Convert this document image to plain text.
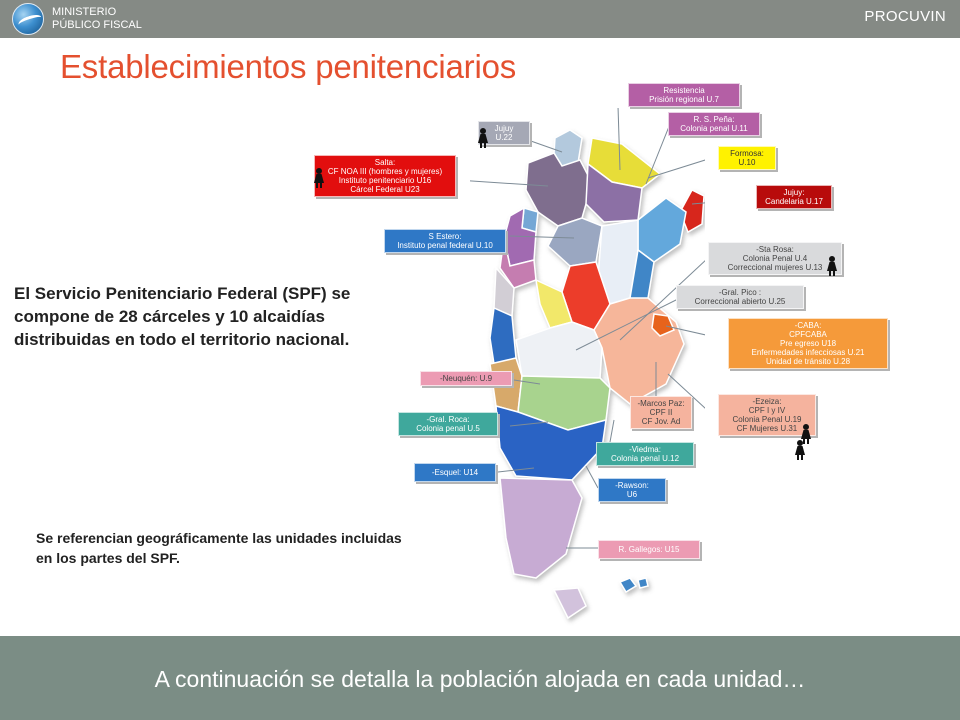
MINISTERIO
PÚBLICO FISCAL	PROCUVIN
Establecimientos penitenciarios
El Servicio Penitenciario Federal (SPF) se compone de 28 cárceles y 10 alcaidías distribuidas en todo el territorio nacional.
Se referencian geográficamente las unidades incluidas en los partes del SPF.
Resistencia
Prisión regional U.7
R. S. Peña:
Colonia penal U.11
Jujuy
U.22
Formosa:
U.10
Salta:
CF NOA III (hombres y mujeres)
Instituto penitenciario U16
Cárcel Federal U23	Jujuy:
Candelaria U.17
S Estero:
Instituto penal federal U.10	-Sta Rosa:
Colonia Penal U.4
Correccional mujeres U.13
-Gral. Pico :
Correccional abierto U.25
-CABA:
CPFCABA
Pre egreso U18
Enfermedades infecciosas U.21
Unidad de tránsito U.28
-Neuquén: U.9
-Marcos Paz:
CPF II
CF Jov. Ad
-Ezeiza:
CPF I y IV
Colonia Penal U.19
CF Mujeres U.31
-Gral. Roca:
Colonia penal U.5
-Viedma:
Colonia penal U.12
-Esquel: U14
-Rawson:
U6
R. Gallegos: U15
A continuación se detalla la población alojada en cada unidad…
